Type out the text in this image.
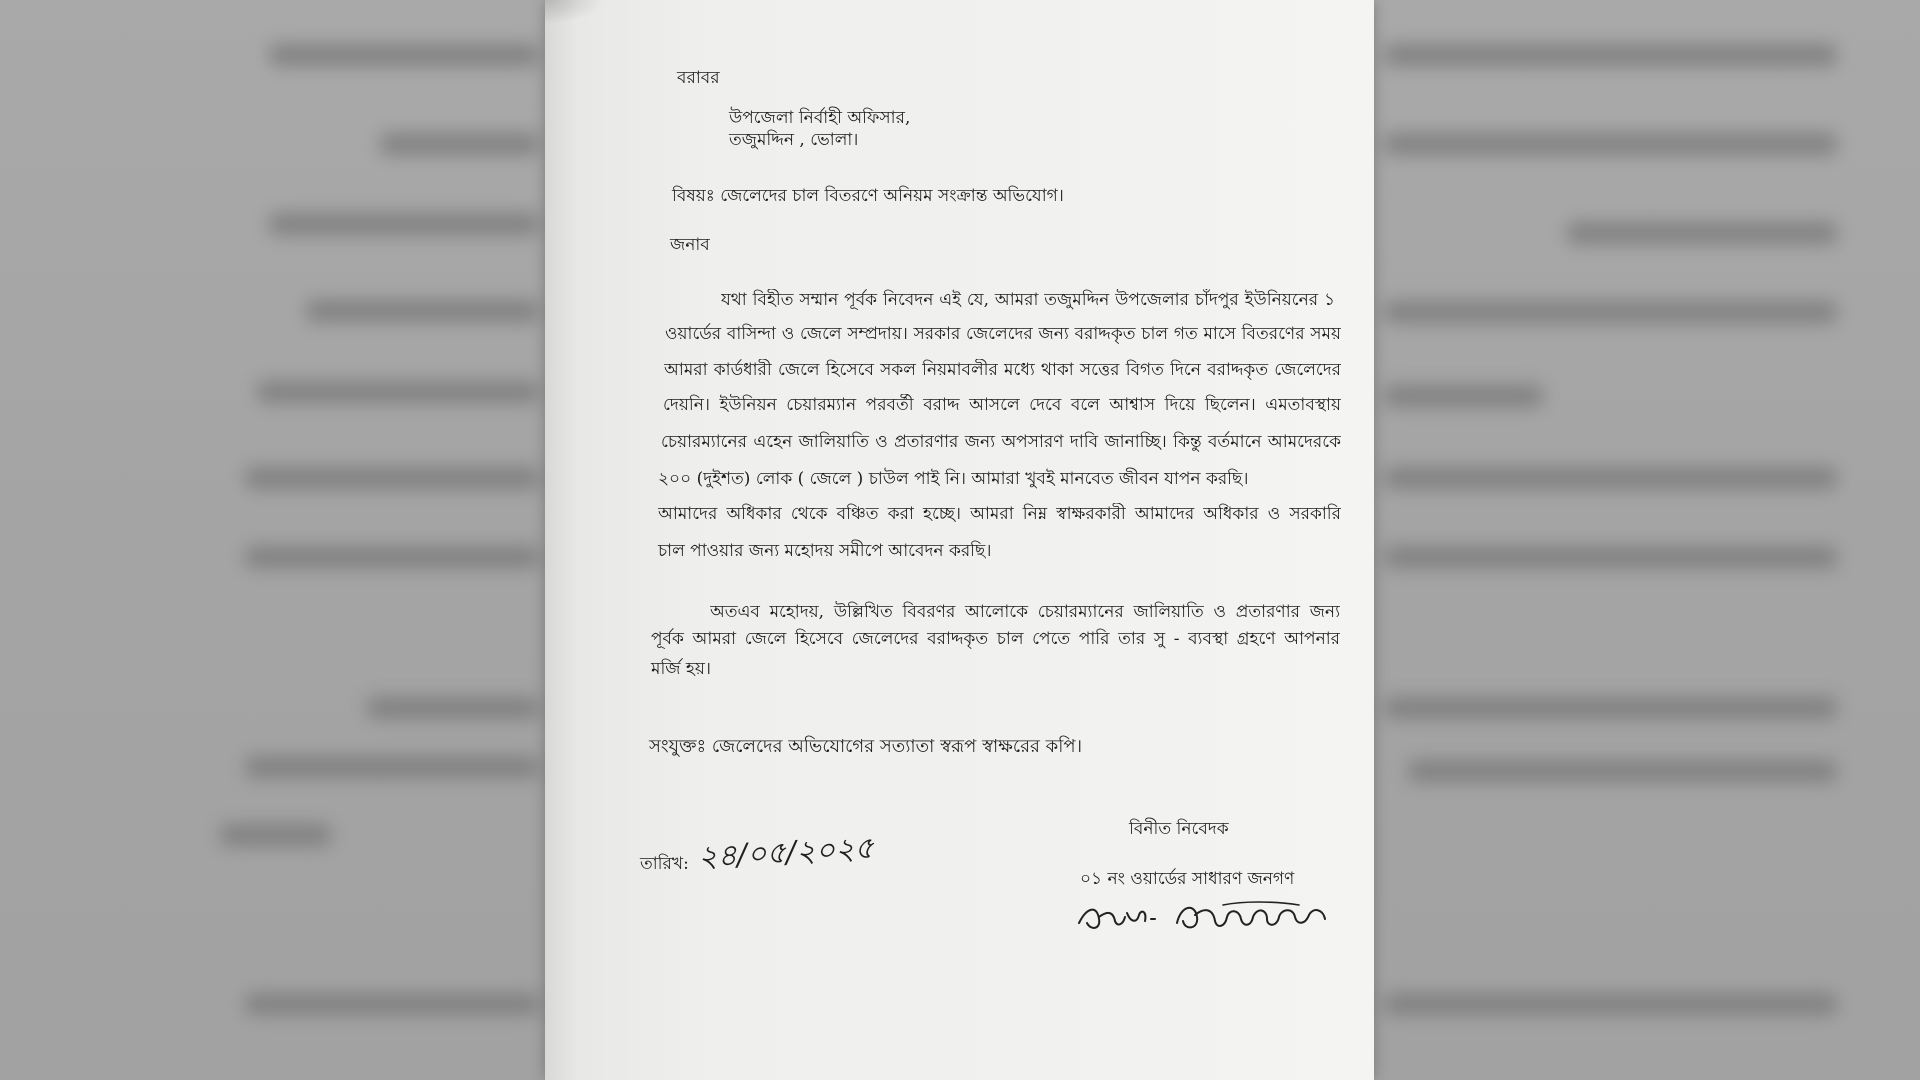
বরাবর
উপজেলা নির্বাহী অফিসার,
তজুমদ্দিন , ভোলা।
বিষয়ঃ জেলেদের চাল বিতরণে অনিয়ম সংক্রান্ত অভিযোগ।
জনাব
যথা বিহীত সম্মান পূর্বক নিবেদন এই যে, আমরা তজুমদ্দিন উপজেলার চাঁদপুর ইউনিয়নের ১
ওয়ার্ডের বাসিন্দা ও জেলে সম্প্রদায়। সরকার জেলেদের জন্য বরাদ্দকৃত চাল গত মাসে বিতরণের সময়
আমরা কার্ডধারী জেলে হিসেবে সকল নিয়মাবলীর মধ্যে থাকা সত্তের বিগত দিনে বরাদ্দকৃত জেলেদের
দেয়নি। ইউনিয়ন চেয়ারম্যান পরবর্তী বরাদ্দ আসলে দেবে বলে আশ্বাস দিয়ে ছিলেন। এমতাবস্থায়
চেয়ারম্যানের এহেন জালিয়াতি ও প্রতারণার জন্য অপসারণ দাবি জানাচ্ছি। কিন্তু বর্তমানে আমদেরকে
২০০ (দুইশত) লোক ( জেলে ) চাউল পাই নি। আমারা খুবই মানবেত জীবন যাপন করছি।
আমাদের অধিকার থেকে বঞ্চিত করা হচ্ছে। আমরা নিম্ন স্বাক্ষরকারী আমাদের অধিকার ও সরকারি
চাল পাওয়ার জন্য মহোদয় সমীপে আবেদন করছি।
অতএব মহোদয়, উল্লিখিত বিবরণর আলোকে চেয়ারম্যানের জালিয়াতি ও প্রতারণার জন্য
পূর্বক আমরা জেলে হিসেবে জেলেদের বরাদ্দকৃত চাল পেতে পারি তার সু - ব্যবস্থা গ্রহণে আপনার
মর্জি হয়।
সংযুক্তঃ জেলেদের অভিযোগের সত্যাতা স্বরূপ স্বাক্ষরের কপি।
বিনীত নিবেদক
তারিখ: ২৪/০৫/২০২৫
০১ নং ওয়ার্ডের সাধারণ জনগণ
